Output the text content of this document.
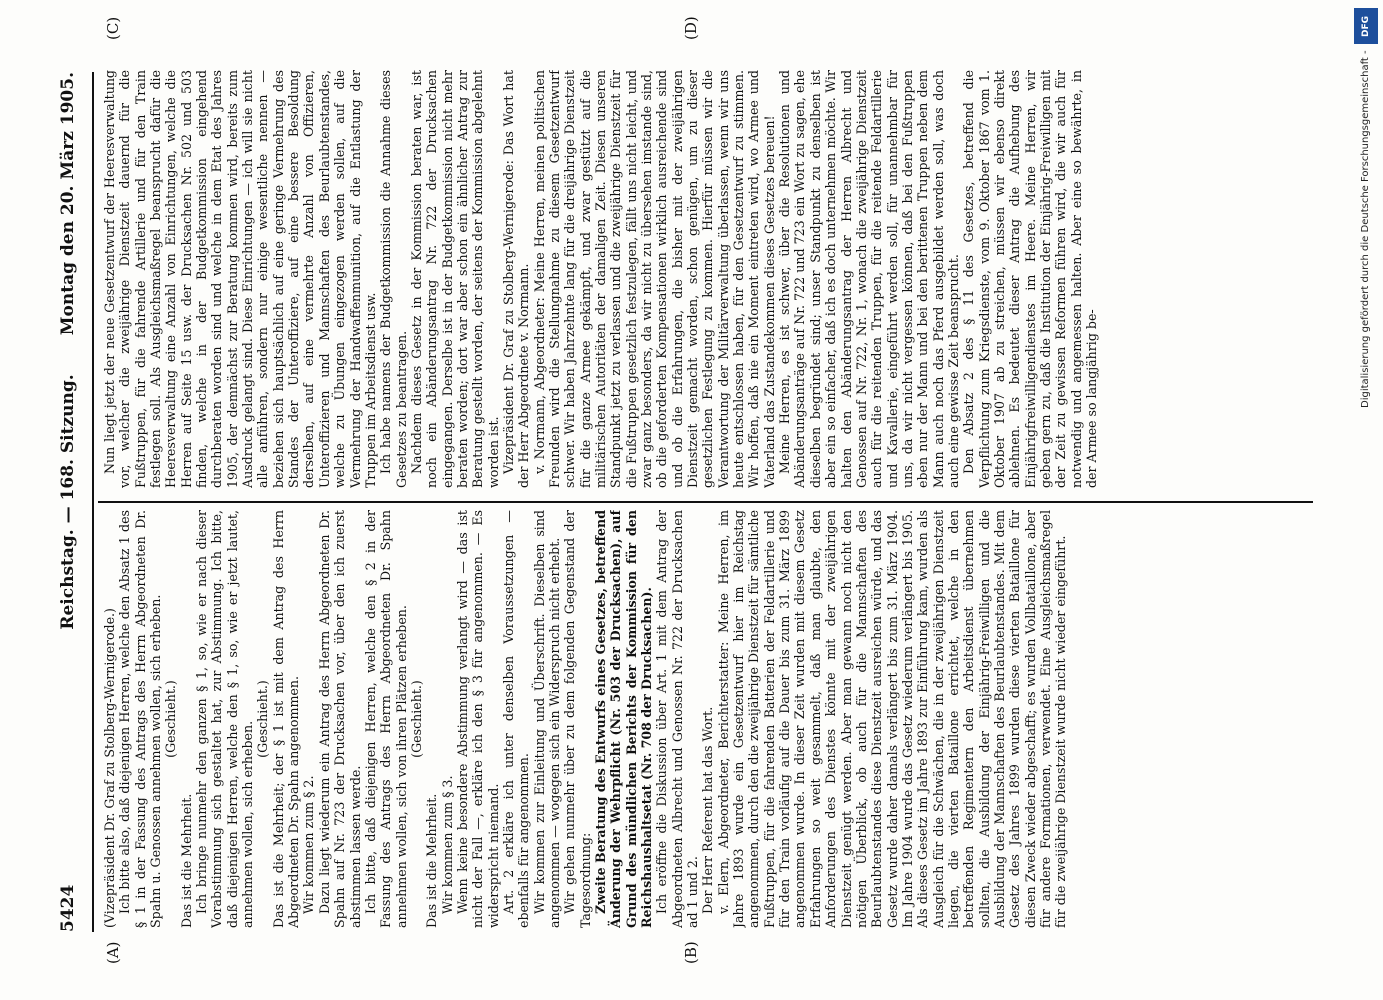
5424
Reichstag. — 168. Sitzung.
Montag den 20. März 1905.
(A)	(B)
(C)	(D)

(Vizepräsident Dr. Graf zu Stolberg-Wernigerode.) Ich bitte also, daß diejenigen Herren, welche den Absatz 1 des § 1 in der Fassung des Antrags des Herrn Abgeordneten Dr. Spahn u. Genossen annehmen wollen, sich erheben. (Geschieht.)

Das ist die Mehrheit. Ich bringe nunmehr den ganzen § 1, so, wie er nach dieser Vorabstimmung sich gestaltet hat, zur Abstimmung. Ich bitte, daß diejenigen Herren, welche den § 1, so, wie er jetzt lautet, annehmen wollen, sich erheben.

(Geschieht.) Das ist die Mehrheit; der § 1 ist mit dem Antrag des Herrn Abgeordneten Dr. Spahn angenommen. Wir kommen zum § 2. Dazu liegt wiederum ein Antrag des Herrn Abgeordneten Dr. Spahn auf Nr. 723 der Drucksachen vor, über den ich zuerst abstimmen lassen werde. Ich bitte, daß diejenigen Herren, welche den § 2 in der Fassung des Antrags des Herrn Abgeordneten Dr. Spahn annehmen wollen, sich von ihren Plätzen erheben. (Geschieht.)

Das ist die Mehrheit. Wir kommen zum § 3. Wenn keine besondere Abstimmung verlangt wird — das ist nicht der Fall —, erkläre ich den § 3 für angenommen. — Es widerspricht niemand. Art. 2 erkläre ich unter denselben Voraussetzungen — ebenfalls für angenommen. Wir kommen zur Einleitung und Überschrift. Dieselben sind angenommen — wogegen sich ein Widerspruch nicht erhebt. Wir gehen nunmehr über zu dem folgenden Gegenstand der Tagesordnung: Zweite Beratung des Entwurfs eines Gesetzes, betreffend Änderung der Wehrpflicht (Nr. 503 der Drucksachen), auf Grund des mündlichen Berichts der Kommission für den Reichshaushaltsetat (Nr. 708 der Drucksachen). Ich eröffne die Diskussion über Art. 1 mit dem Antrag der Abgeordneten Albrecht und Genossen Nr. 722 der Drucksachen ad 1 und 2. Der Herr Referent hat das Wort. v. Elern, Abgeordneter, Berichterstatter: Meine Herren, im Jahre 1893 wurde ein Gesetzentwurf hier im Reichstag angenommen, durch den die zweijährige Dienstzeit für sämtliche Fußtruppen, für die fahrenden Batterien der Feldartillerie und für den Train vorläufig auf die Dauer bis zum 31. März 1899 angenommen wurde. In dieser Zeit wurden mit diesem Gesetz Erfahrungen so weit gesammelt, daß man glaubte, den Anforderungen des Dienstes könnte mit der zweijährigen Dienstzeit genügt werden. Aber man gewann noch nicht den nötigen Überblick, ob auch für die Mannschaften des Beurlaubtenstandes diese Dienstzeit ausreichen würde, und das Gesetz wurde daher damals verlängert bis zum 31. März 1904. Im Jahre 1904 wurde das Gesetz wiederum verlängert bis 1905. Als dieses Gesetz im Jahre 1893 zur Einführung kam, wurden als Ausgleich für die Schwächen, die in der zweijährigen Dienstzeit liegen, die vierten Bataillone errichtet, welche in den betreffenden Regimentern den Arbeitsdienst übernehmen sollten, die Ausbildung der Einjährig-Freiwilligen und die Ausbildung der Mannschaften des Beurlaubtenstandes. Mit dem Gesetz des Jahres 1899 wurden diese vierten Bataillone für diesen Zweck wieder abgeschafft; es wurden Vollbataillone, aber für andere Formationen, verwendet. Eine Ausgleichsmaßregel für die zweijährige Dienstzeit wurde nicht wieder eingeführt.

Nun liegt jetzt der neue Gesetzentwurf der Heeresverwaltung vor, welcher die zweijährige Dienstzeit dauernd für die Fußtruppen, für die fahrende Artillerie und für den Train festlegen soll. Als Ausgleichsmaßregel beansprucht dafür die Heeresverwaltung eine Anzahl von Einrichtungen, welche die Herren auf Seite 15 usw. der Drucksachen Nr. 502 und 503 finden, welche in der Budgetkommission eingehend durchberaten worden sind und welche in dem Etat des Jahres 1905, der demnächst zur Beratung kommen wird, bereits zum Ausdruck gelangt sind. Diese Einrichtungen — ich will sie nicht alle anführen, sondern nur einige wesentliche nennen — beziehen sich hauptsächlich auf eine geringe Vermehrung des Standes der Unteroffiziere, auf eine bessere Besoldung derselben, auf eine vermehrte Anzahl von Offizieren, Unteroffizieren und Mannschaften des Beurlaubtenstandes, welche zu Übungen eingezogen werden sollen, auf die Vermehrung der Handwaffenmunition, auf die Entlastung der Truppen im Arbeitsdienst usw. Ich habe namens der Budgetkommission die Annahme dieses Gesetzes zu beantragen. Nachdem dieses Gesetz in der Kommission beraten war, ist noch ein Abänderungsantrag Nr. 722 der Drucksachen eingegangen. Derselbe ist in der Budgetkommission nicht mehr beraten worden; dort war aber schon ein ähnlicher Antrag zur Beratung gestellt worden, der seitens der Kommission abgelehnt worden ist. Vizepräsident Dr. Graf zu Stolberg-Wernigerode: Das Wort hat der Herr Abgeordnete v. Normann. v. Normann, Abgeordneter: Meine Herren, meinen politischen Freunden wird die Stellungnahme zu diesem Gesetzentwurf schwer. Wir haben Jahrzehnte lang für die dreijährige Dienstzeit für die ganze Armee gekämpft, und zwar gestützt auf die militärischen Autoritäten der damaligen Zeit. Diesen unseren Standpunkt jetzt zu verlassen und die zweijährige Dienstzeit für die Fußtruppen gesetzlich festzulegen, fällt uns nicht leicht, und zwar ganz besonders, da wir nicht zu übersehen imstande sind, ob die geforderten Kompensationen wirklich ausreichende sind und ob die Erfahrungen, die bisher mit der zweijährigen Dienstzeit gemacht worden, schon genügen, um zu dieser gesetzlichen Festlegung zu kommen. Hierfür müssen wir die Verantwortung der Militärverwaltung überlassen, wenn wir uns heute entschlossen haben, für den Gesetzentwurf zu stimmen. Wir hoffen, daß nie ein Moment eintreten wird, wo Armee und Vaterland das Zustandekommen dieses Gesetzes bereuen! Meine Herren, es ist schwer, über die Resolutionen und Abänderungsanträge auf Nr. 722 und 723 ein Wort zu sagen, ehe dieselben begründet sind; unser Standpunkt zu denselben ist aber ein so einfacher, daß ich es doch unternehmen möchte. Wir halten den Abänderungsantrag der Herren Albrecht und Genossen auf Nr. 722, Nr. 1, wonach die zweijährige Dienstzeit auch für die reitenden Truppen, für die reitende Feldartillerie und Kavallerie, eingeführt werden soll, für unannehmbar für uns, da wir nicht vergessen können, daß bei den Fußtruppen eben nur der Mann und bei den berittenen Truppen neben dem Mann auch noch das Pferd ausgebildet werden soll, was doch auch eine gewisse Zeit beansprucht. Den Absatz 2 des § 11 des Gesetzes, betreffend die Verpflichtung zum Kriegsdienste, vom 9. Oktober 1867 vom 1. Oktober 1907 ab zu streichen, müssen wir ebenso direkt ablehnen. Es bedeutet dieser Antrag die Aufhebung des Einjährigfreiwilligendienstes im Heere. Meine Herren, wir geben gern zu, daß die Institution der Einjährig-Freiwilligen mit der Zeit zu gewissen Reformen führen wird, die wir auch für notwendig und angemessen halten. Aber eine so bewährte, in der Armee so langjährig be-

DFG
Digitalisierung gefördert durch die Deutsche Forschungsgemeinschaft -
